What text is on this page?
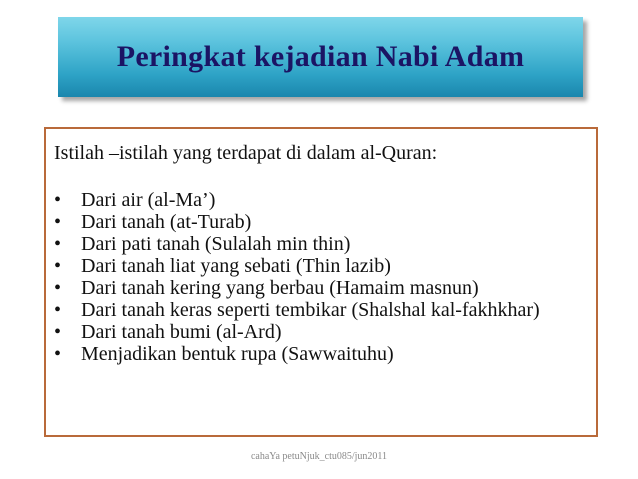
Peringkat kejadian Nabi Adam

Istilah –istilah yang terdapat di dalam al-Quran:

• Dari air (al-Ma’)
• Dari tanah (at-Turab)
• Dari pati tanah (Sulalah min thin)
• Dari tanah liat yang sebati (Thin lazib)
• Dari tanah kering yang berbau (Hamaim masnun)
• Dari tanah keras seperti tembikar (Shalshal kal-fakhkhar)
• Dari tanah bumi (al-Ard)
• Menjadikan bentuk rupa (Sawwaituhu)
cahaYa petuNjuk_ctu085/jun2011
